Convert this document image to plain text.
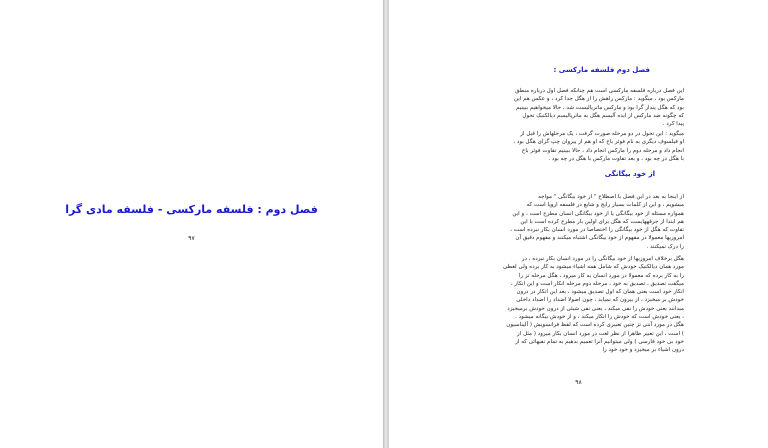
فصل دوم : فلسفه مارکسی - فلسفه مادی گرا
۹۷
فصل دوم فلسفه مارکسی :
این فصل درباره فلسفه مارکسی است هم چنانکه فصل اول درباره منطق
مارکس بود ، میگوید : مارکس راهش را از هگل جدا کرد ، و عکس هم این
بود که هگل پندار گرا بود و مارکس ماتریالیست شد ، حالا میخواهیم ببینیم
که چگونه ضد مارکس از ایده آلیسم هگل به ماتریالیسم دیالکتیک تحول
پیدا کرد .
میگوید : این تحول در دو مرحله صورت گرفت ، یک مرحلهاش را قبل از
او فیلسوف دیگری به نام فوئر باخ که او هم از پیروان چپ گرای هگل بود ،
انجام داد و مرحله دوم را مارکس انجام داد ، حالا ببینیم تفاوت فوئر باخ
با هگل در چه بود ، و بعد تفاوت مارکس با هگل در چه بود .
از خود بیگانگی
از اینجا به بعد در این فصل با اصطلاح " از خود بیگانگی " مواجه
میشویم ، و این از کلمات بسیار رایج و شایع در فلسفه اروپا است که
همواره مسئله از خود بیگانگی یا از خود بیگانگی انسان مطرح است ، و این
هم ابتدا از جرقههایست که هگل برای اولین بار مطرح کرده است با این
تفاوت که هگل از خود بیگانگی را اختصاصا در مورد انسان بکار نبرده است ،
امروزیها معمولا در مفهوم از خود بیگانگی اشتباه میکنند و مفهوم دقیق آن
را درک نمیکنند .
هگل برخلاف امروزیها از خود بیگانگی را در مورد انسان بکار نبرده ، در
مورد همان دیالکتیک خودش که شامل همه اشیاء میشود به کار برده ولی لغطی
را به کار برده که معمولا در مورد انسان به کار میرود ، هگل مرحله تز را
میگفت تصدیق ، تصدیق به خود ، مرحله دوم مرحله انکار است و این انکار ،
انکار خود است یعنی همان که اول تصدیق میشود ، بعد این انکار در درون
خودش بر میخیزد ، از بیرون که نمیاید ، چون اصولا اضداد را اضداد داخلی
میدانند یعنی خودش را نفی میکند ، یعنی نفی شیئی از درون خودش برمیخیزد
، یعنی خودش است که خودش را انکار میکند ، و از خودش بیگانه میشود .
هگل در مورد آنتی تز چنین تعبیری کرده است که لفظ فرانسویش ( آلیناسیون
) است ، این تعبیر ظاهرا از نظر لغت در مورد انسان بکار میرود ( مثل از
خود بی خود فارسی ) ولی میتوانیم آنرا تعمیم بدهیم به تمام نفیهائی که از
درون اشیاء بر میخیزد و خود خود را
۹۸
